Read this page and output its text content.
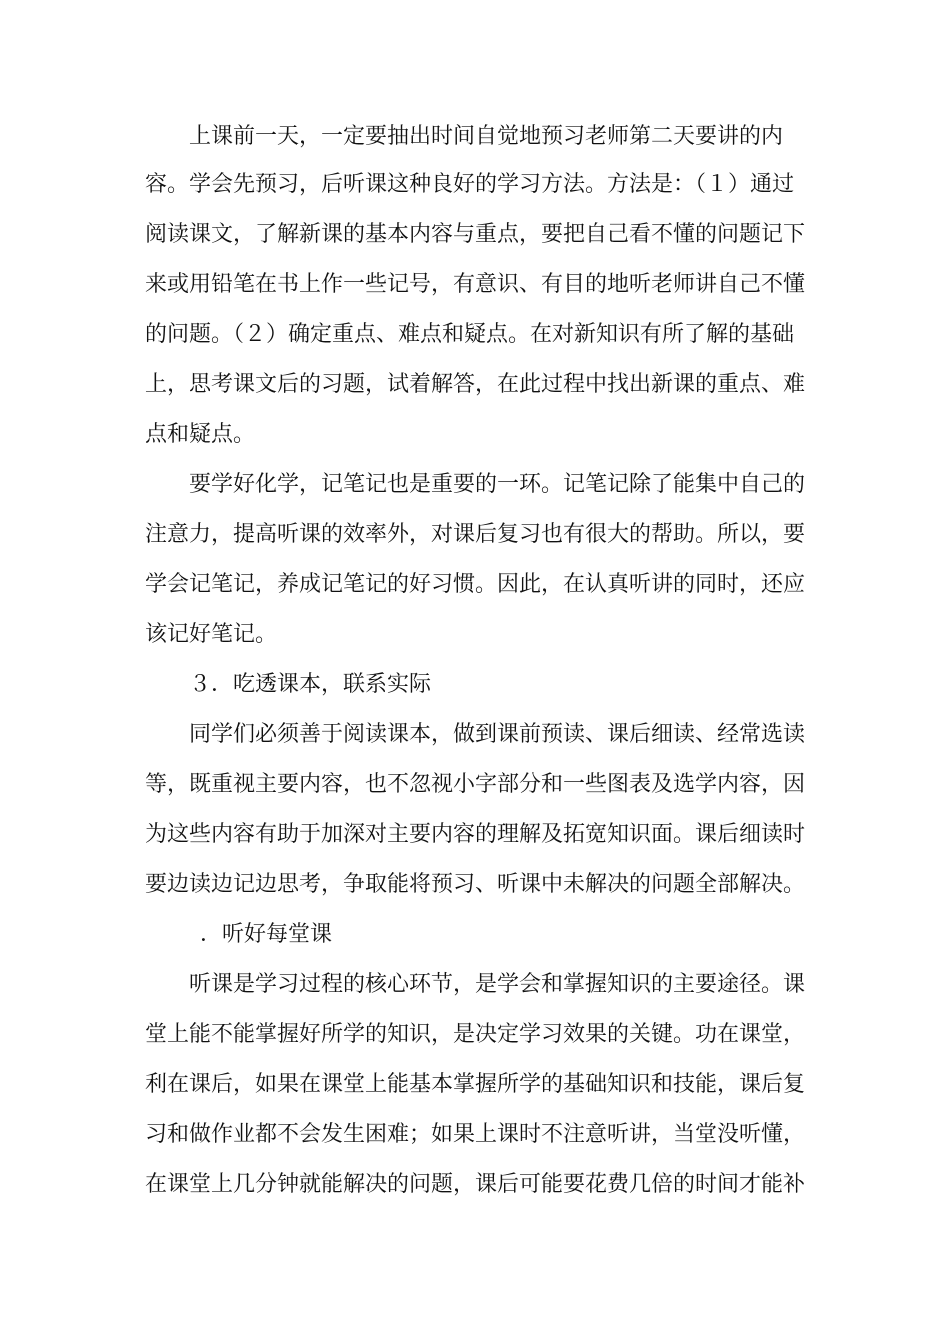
上课前一天，一定要抽出时间自觉地预习老师第二天要讲的内
容。学会先预习，后听课这种良好的学习方法。方法是：（１）通过
阅读课文，了解新课的基本内容与重点，要把自己看不懂的问题记下
来或用铅笔在书上作一些记号，有意识、有目的地听老师讲自己不懂
的问题。（２）确定重点、难点和疑点。在对新知识有所了解的基础
上，思考课文后的习题，试着解答，在此过程中找出新课的重点、难
点和疑点。
要学好化学，记笔记也是重要的一环。记笔记除了能集中自己的
注意力，提高听课的效率外，对课后复习也有很大的帮助。所以，要
学会记笔记，养成记笔记的好习惯。因此，在认真听讲的同时，还应
该记好笔记。
３．吃透课本，联系实际
同学们必须善于阅读课本，做到课前预读、课后细读、经常选读
等，既重视主要内容，也不忽视小字部分和一些图表及选学内容，因
为这些内容有助于加深对主要内容的理解及拓宽知识面。课后细读时
要边读边记边思考，争取能将预习、听课中未解决的问题全部解决。
．听好每堂课
听课是学习过程的核心环节，是学会和掌握知识的主要途径。课
堂上能不能掌握好所学的知识，是决定学习效果的关键。功在课堂，
利在课后，如果在课堂上能基本掌握所学的基础知识和技能，课后复
习和做作业都不会发生困难；如果上课时不注意听讲，当堂没听懂，
在课堂上几分钟就能解决的问题，课后可能要花费几倍的时间才能补
